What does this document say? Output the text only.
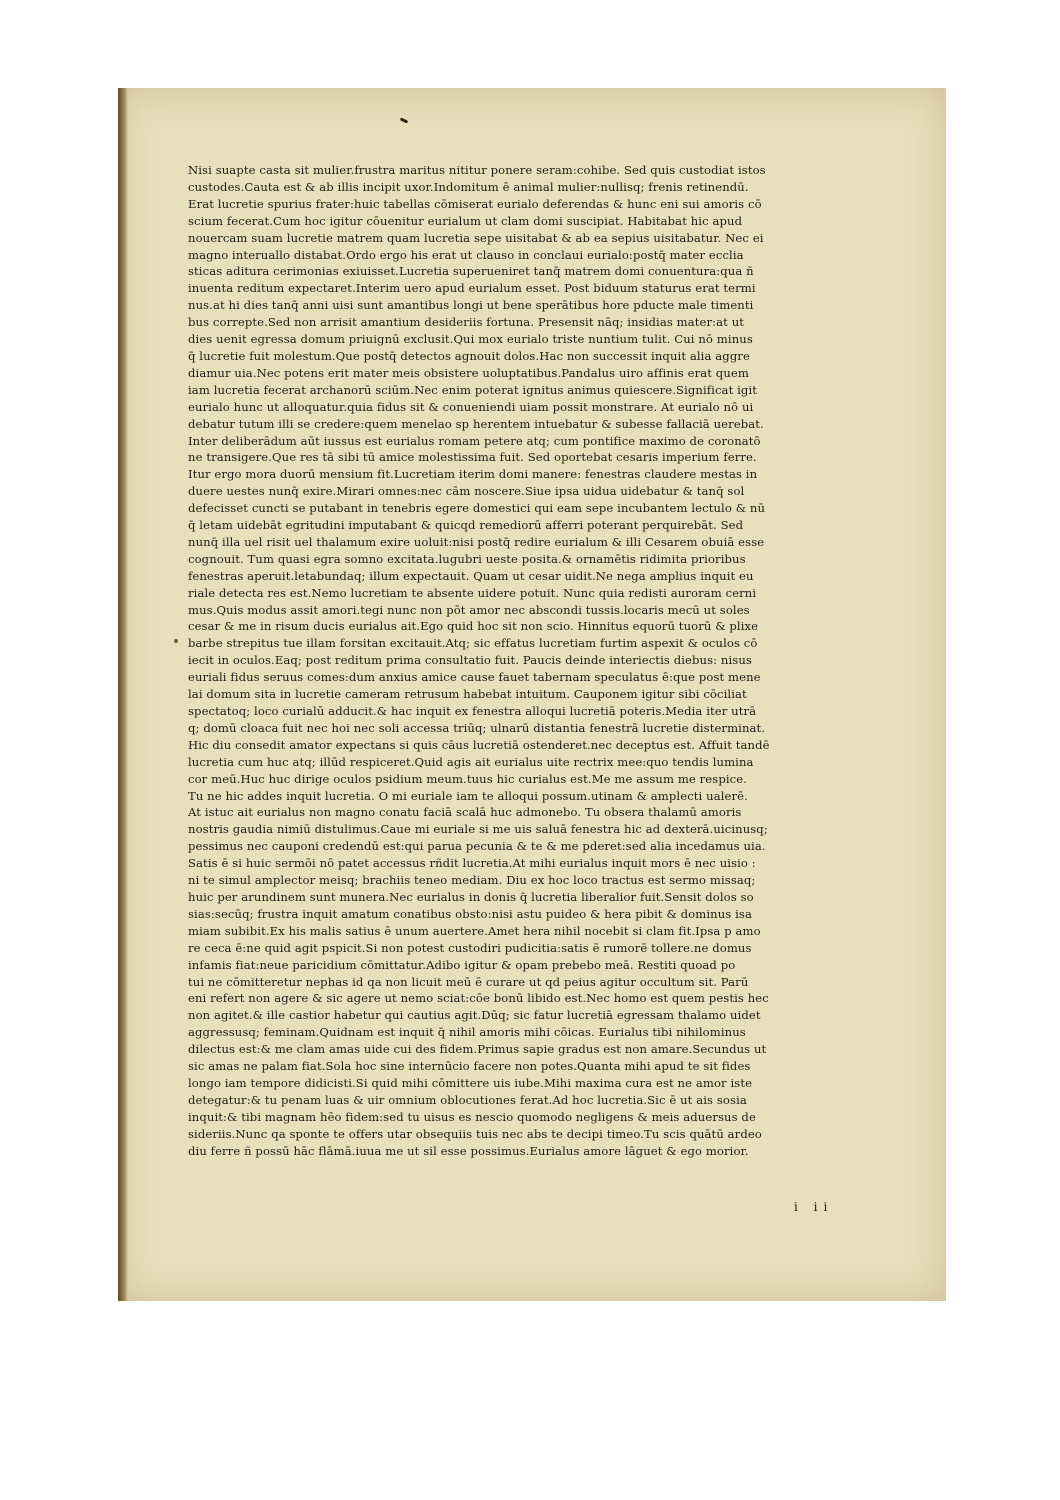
Nisi suapte casta sit mulier.frustra maritus nititur ponere seram:cohibe. Sed quis custodiat istos
custodes.Cauta est & ab illis incipit uxor.Indomitum ē animal mulier:nullisq; frenis retinendū.
Erat lucretie spurius frater:huic tabellas cōmiserat eurialo deferendas & hunc eni sui amoris cō
scium fecerat.Cum hoc igitur cōuenitur eurialum ut clam domi suscipiat. Habitabat hic apud
nouercam suam lucretie matrem quam lucretia sepe uisitabat & ab ea sepius uisitabatur. Nec ei
magno interuallo distabat.Ordo ergo his erat ut clauso in conclaui eurialo:postq̄ mater ecclia
sticas aditura cerimonias exiuisset.Lucretia superueniret tanq̄ matrem domi conuentura:qua ñ
inuenta reditum expectaret.Interim uero apud eurialum esset. Post biduum staturus erat termi
nus.at hi dies tanq̄ anni uisi sunt amantibus longi ut bene sperātibus hore pducte male timenti
bus correpte.Sed non arrisit amantium desideriis fortuna. Presensit nāq; insidias mater:at ut
dies uenit egressa domum priuignū exclusit.Qui mox eurialo triste nuntium tulit. Cui nō minus
q̄ lucretie fuit molestum.Que postq̄ detectos agnouit dolos.Hac non successit inquit alia aggre
diamur uia.Nec potens erit mater meis obsistere uoluptatibus.Pandalus uiro affinis erat quem
iam lucretia fecerat archanorū sciūm.Nec enim poterat ignitus animus quiescere.Significat igit
eurialo hunc ut alloquatur.quia fidus sit & conueniendi uiam possit monstrare. At eurialo nō ui
debatur tutum illi se credere:quem menelao sp herentem intuebatur & subesse fallaciā uerebat.
Inter deliberādum aūt iussus est eurialus romam petere atq; cum pontifice maximo de coronatō
ne transigere.Que res tā sibi tū amice molestissima fuit. Sed oportebat cesaris imperium ferre.
Itur ergo mora duorū mensium fit.Lucretiam iterim domi manere: fenestras claudere mestas in
duere uestes nunq̄ exire.Mirari omnes:nec cām noscere.Siue ipsa uidua uidebatur & tanq̄ sol
defecisset cuncti se putabant in tenebris egere domestici qui eam sepe incubantem lectulo & nū
q̄ letam uidebāt egritudini imputabant & quicqd remediorū afferri poterant perquirebāt. Sed
nunq̄ illa uel risit uel thalamum exire uoluit:nisi postq̄ redire eurialum & illi Cesarem obuiā esse
cognouit. Tum quasi egra somno excitata.lugubri ueste posita.& ornamētis ridimita prioribus
fenestras aperuit.letabundaq; illum expectauit. Quam ut cesar uidit.Ne nega amplius inquit eu
riale detecta res est.Nemo lucretiam te absente uidere potuit. Nunc quia redisti auroram cerni
mus.Quis modus assit amori.tegi nunc non pōt amor nec abscondi tussis.locaris mecū ut soles
cesar & me in risum ducis eurialus ait.Ego quid hoc sit non scio. Hinnitus equorū tuorū & plixe
barbe strepitus tue illam forsitan excitauit.Atq; sic effatus lucretiam furtim aspexit & oculos cō
iecit in oculos.Eaq; post reditum prima consultatio fuit. Paucis deinde interiectis diebus: nisus
euriali fidus seruus comes:dum anxius amice cause fauet tabernam speculatus ē:que post mene
lai domum sita in lucretie cameram retrusum habebat intuitum. Cauponem igitur sibi cōciliat
spectatoq; loco curialū adducit.& hac inquit ex fenestra alloqui lucretiā poteris.Media iter utrā
q; domū cloaca fuit nec hoi nec soli accessa triūq; ulnarū distantia fenestrā lucretie disterminat.
Hic diu consedit amator expectans si quis cāus lucretiā ostenderet.nec deceptus est. Affuit tandē
lucretia cum huc atq; illūd respiceret.Quid agis ait eurialus uite rectrix mee:quo tendis lumina
cor meū.Huc huc dirige oculos psidium meum.tuus hic curialus est.Me me assum me respice.
Tu ne hic addes inquit lucretia. O mi euriale iam te alloqui possum.utinam & amplecti ualerē.
At istuc ait eurialus non magno conatu faciā scalā huc admonebo. Tu obsera thalamū amoris
nostris gaudia nimiū distulimus.Caue mi euriale si me uis saluā fenestra hic ad dexterā.uicinusq;
pessimus nec cauponi credendū est:qui parua pecunia & te & me pderet:sed alia incedamus uia.
Satis ē si huic sermōi nō patet accessus rñdit lucretia.At mihi eurialus inquit mors ē nec uisio :
ni te simul amplector meisq; brachiis teneo mediam. Diu ex hoc loco tractus est sermo missaq;
huic per arundinem sunt munera.Nec eurialus in donis q̄ lucretia liberalior fuit.Sensit dolos so
sias:secūq; frustra inquit amatum conatibus obsto:nisi astu puideo & hera pibit & dominus isa
miam subibit.Ex his malis satius ē unum auertere.Amet hera nihil nocebit si clam fit.Ipsa p amo
re ceca ē:ne quid agit pspicit.Si non potest custodiri pudicitia:satis ē rumorē tollere.ne domus
infamis fiat:neue paricidium cōmittatur.Adibo igitur & opam prebebo meā. Restiti quoad po
tui ne cōmitteretur nephas id qa non licuit meū ē curare ut qd peius agitur occultum sit. Parū
eni refert non agere & sic agere ut nemo sciat:cōe bonū libido est.Nec homo est quem pestis hec
non agitet.& ille castior habetur qui cautius agit.Dūq; sic fatur lucretiā egressam thalamo uidet
aggressusq; feminam.Quidnam est inquit q̄ nihil amoris mihi cōicas. Eurialus tibi nihilominus
dilectus est:& me clam amas uide cui des fidem.Primus sapie gradus est non amare.Secundus ut
sic amas ne palam fiat.Sola hoc sine internūcio facere non potes.Quanta mihi apud te sit fides
longo iam tempore didicisti.Si quid mihi cōmittere uis iube.Mihi maxima cura est ne amor iste
detegatur:& tu penam luas & uir omnium oblocutiones ferat.Ad hoc lucretia.Sic ē ut ais sosia
inquit:& tibi magnam hēo fidem:sed tu uisus es nescio quomodo negligens & meis aduersus de
sideriis.Nunc qa sponte te offers utar obsequiis tuis nec abs te decipi timeo.Tu scis quātū ardeo
diu ferre ñ possū hāc flāmā.iuua me ut sil esse possimus.Eurialus amore lāguet & ego morior.
i ii
